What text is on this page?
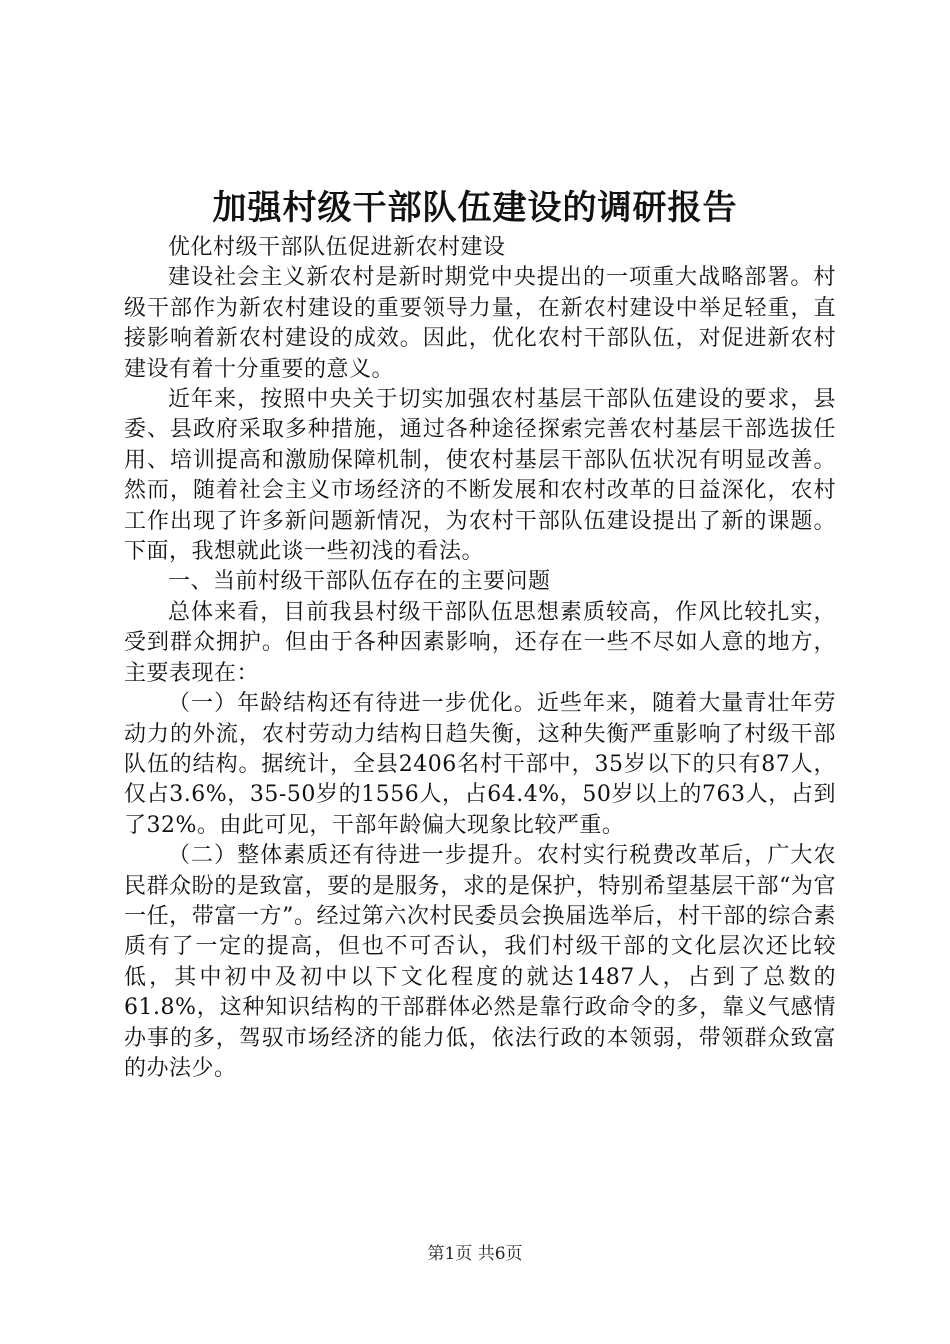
加强村级干部队伍建设的调研报告

优化村级干部队伍促进新农村建设

建设社会主义新农村是新时期党中央提出的一项重大战略部署。村级干部作为新农村建设的重要领导力量，在新农村建设中举足轻重，直接影响着新农村建设的成效。因此，优化农村干部队伍，对促进新农村建设有着十分重要的意义。

近年来，按照中央关于切实加强农村基层干部队伍建设的要求，县委、县政府采取多种措施，通过各种途径探索完善农村基层干部选拔任用、培训提高和激励保障机制，使农村基层干部队伍状况有明显改善。然而，随着社会主义市场经济的不断发展和农村改革的日益深化，农村工作出现了许多新问题新情况，为农村干部队伍建设提出了新的课题。下面，我想就此谈一些初浅的看法。

一、当前村级干部队伍存在的主要问题

总体来看，目前我县村级干部队伍思想素质较高，作风比较扎实，受到群众拥护。但由于各种因素影响，还存在一些不尽如人意的地方，主要表现在：

（一）年龄结构还有待进一步优化。近些年来，随着大量青壮年劳动力的外流，农村劳动力结构日趋失衡，这种失衡严重影响了村级干部队伍的结构。据统计，全县2406名村干部中，35岁以下的只有87人，仅占3.6%，35-50岁的1556人，占64.4%，50岁以上的763人，占到了32%。由此可见，干部年龄偏大现象比较严重。

（二）整体素质还有待进一步提升。农村实行税费改革后，广大农民群众盼的是致富，要的是服务，求的是保护，特别希望基层干部“为官一任，带富一方”。经过第六次村民委员会换届选举后，村干部的综合素质有了一定的提高，但也不可否认，我们村级干部的文化层次还比较低，其中初中及初中以下文化程度的就达1487人，占到了总数的61.8%，这种知识结构的干部群体必然是靠行政命令的多，靠义气感情办事的多，驾驭市场经济的能力低，依法行政的本领弱，带领群众致富的办法少。

第1页 共6页
